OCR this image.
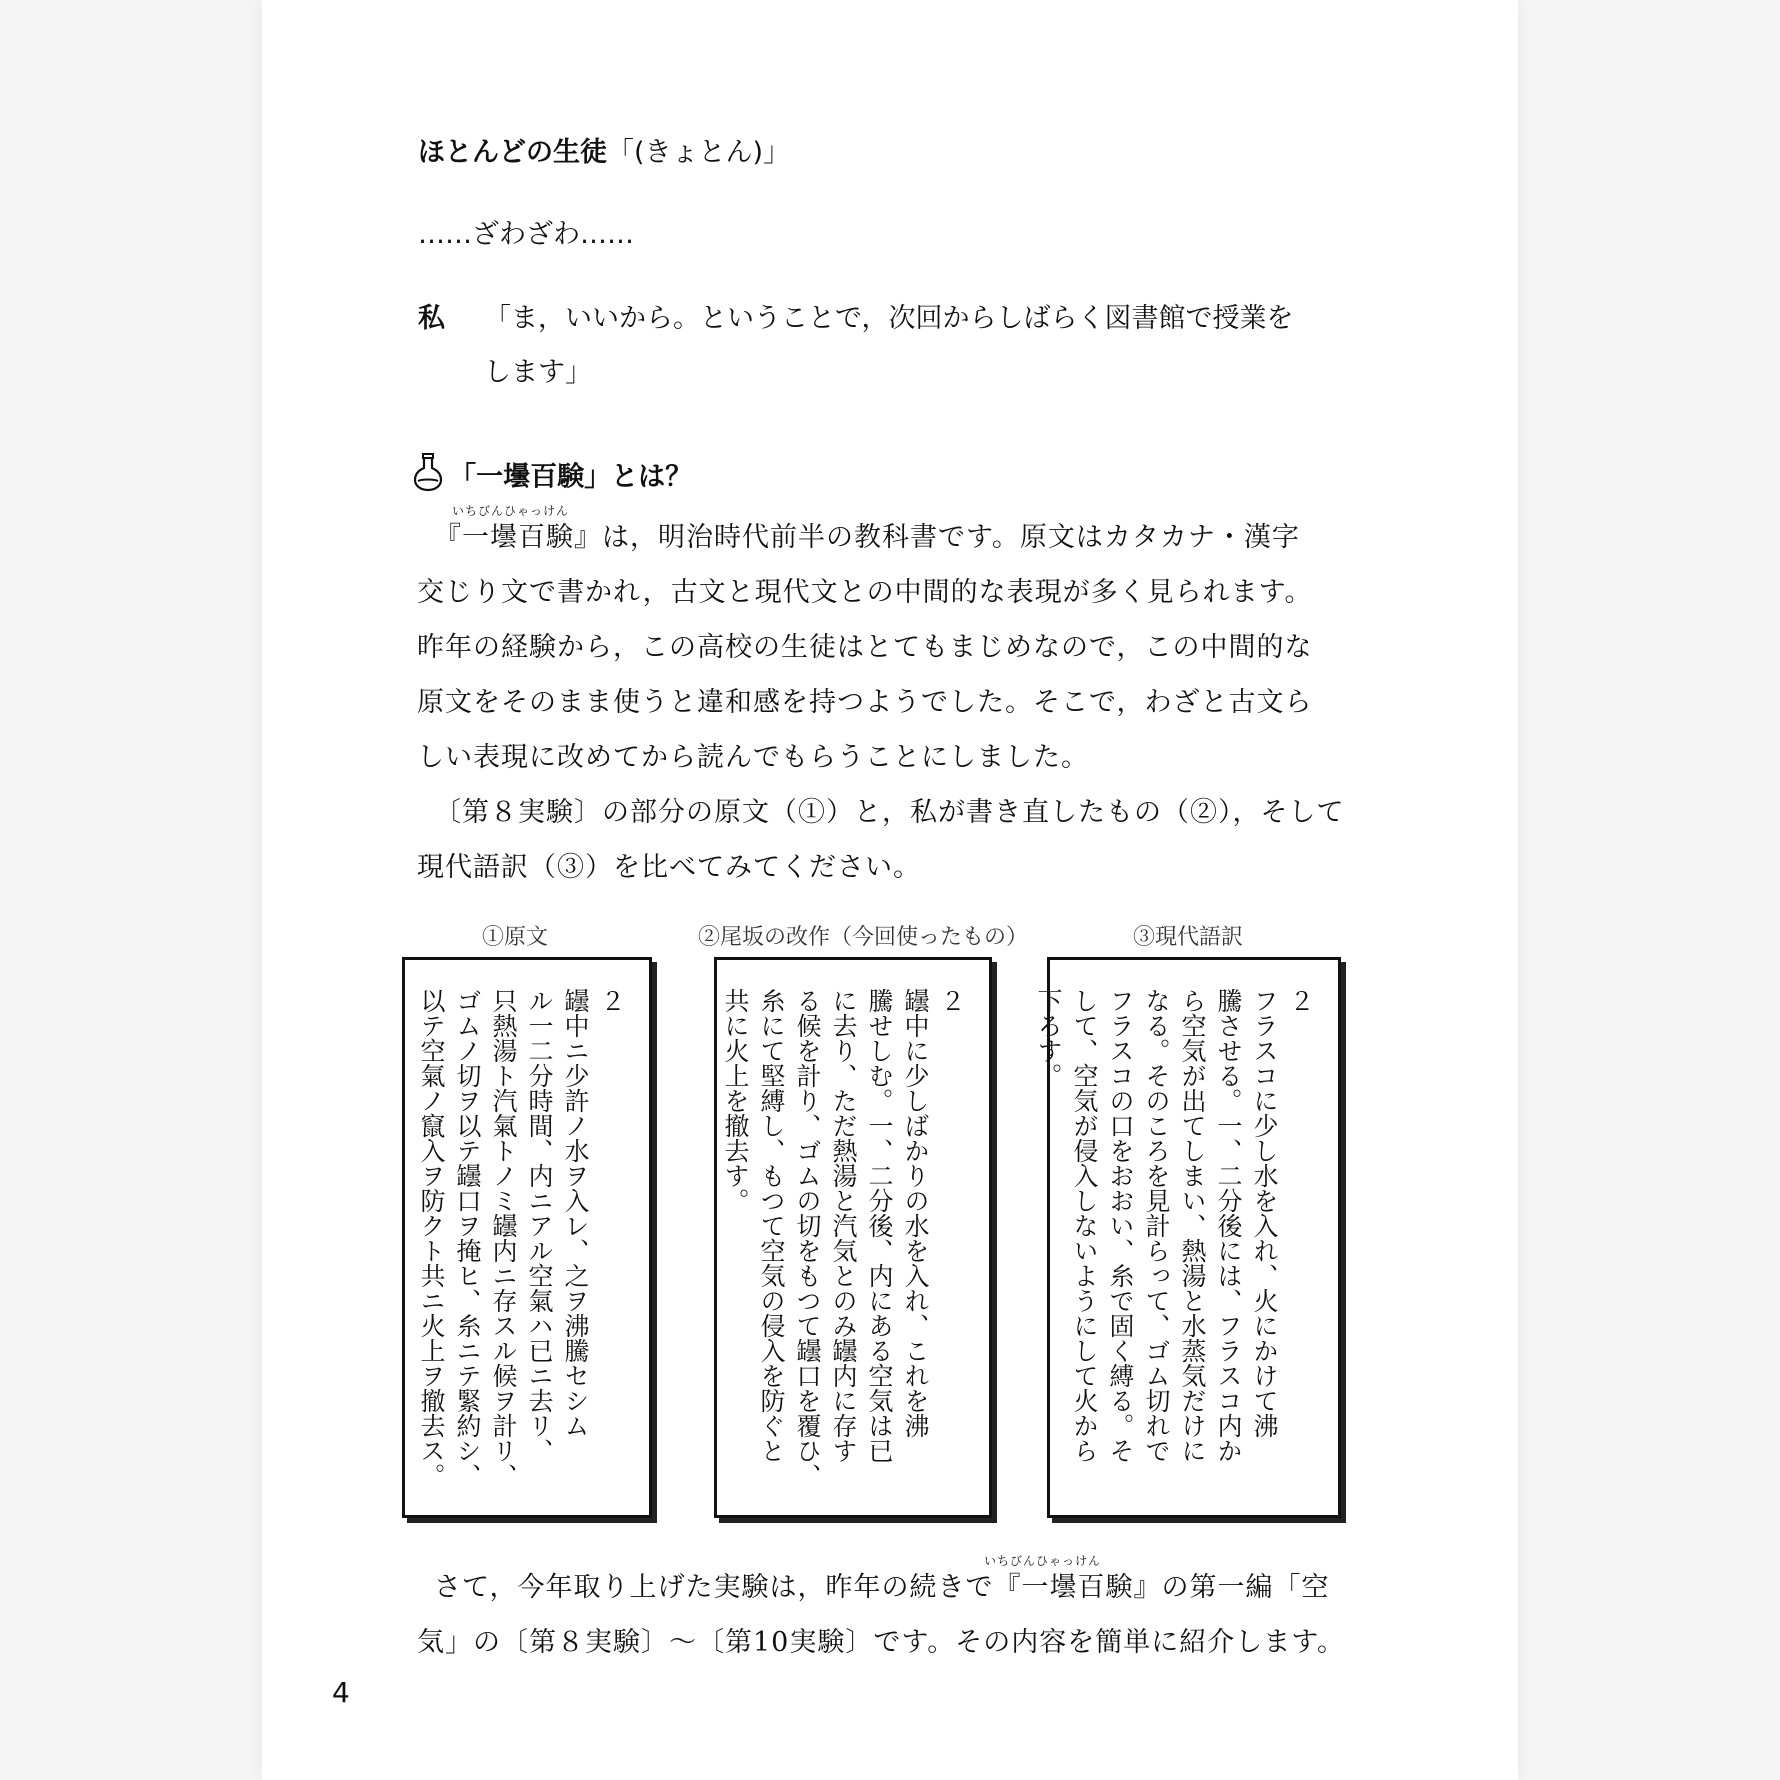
ほとんどの生徒「(きょとん)」
……ざわざわ……
私 「ま，いいから。ということで，次回からしばらく図書館で授業を
します」
「一壜百験」とは？
いちびんひゃっけん
『一壜百験』は，明治時代前半の教科書です。原文はカタカナ・漢字
交じり文で書かれ，古文と現代文との中間的な表現が多く見られます。
昨年の経験から，この高校の生徒はとてもまじめなので，この中間的な
原文をそのまま使うと違和感を持つようでした。そこで，わざと古文ら
しい表現に改めてから読んでもらうことにしました。
〔第８実験〕の部分の原文（①）と，私が書き直したもの（②），そして
現代語訳（③）を比べてみてください。
①原文	②尾坂の改作（今回使ったもの）	③現代語訳
２
罎中ニ少許ノ水ヲ入レ、之ヲ沸騰セシム
ル一二分時間、内ニアル空氣ハ已ニ去リ、
只熱湯ト汽氣トノミ罎内ニ存スル候ヲ計リ、
ゴムノ切ヲ以テ罎口ヲ掩ヒ、糸ニテ緊約シ、
以テ空氣ノ竄入ヲ防クト共ニ火上ヲ撤去ス。	２
罎中に少しばかりの水を入れ、これを沸
騰せしむ。一、二分後、内にある空気は已
に去り、ただ熱湯と汽気とのみ罎内に存す
る候を計り、ゴムの切をもつて罎口を覆ひ、
糸にて堅縛し、もつて空気の侵入を防ぐと
共に火上を撤去す。	２
フラスコに少し水を入れ、火にかけて沸
騰させる。一、二分後には、フラスコ内か
ら空気が出てしまい、熱湯と水蒸気だけに
なる。そのころを見計らって、ゴム切れで
フラスコの口をおおい、糸で固く縛る。そ
して、空気が侵入しないようにして火から
下ろす。
いちびんひゃっけん
さて，今年取り上げた実験は，昨年の続きで『一壜百験』の第一編「空
気」の〔第８実験〕〜〔第10実験〕です。その内容を簡単に紹介します。
4
